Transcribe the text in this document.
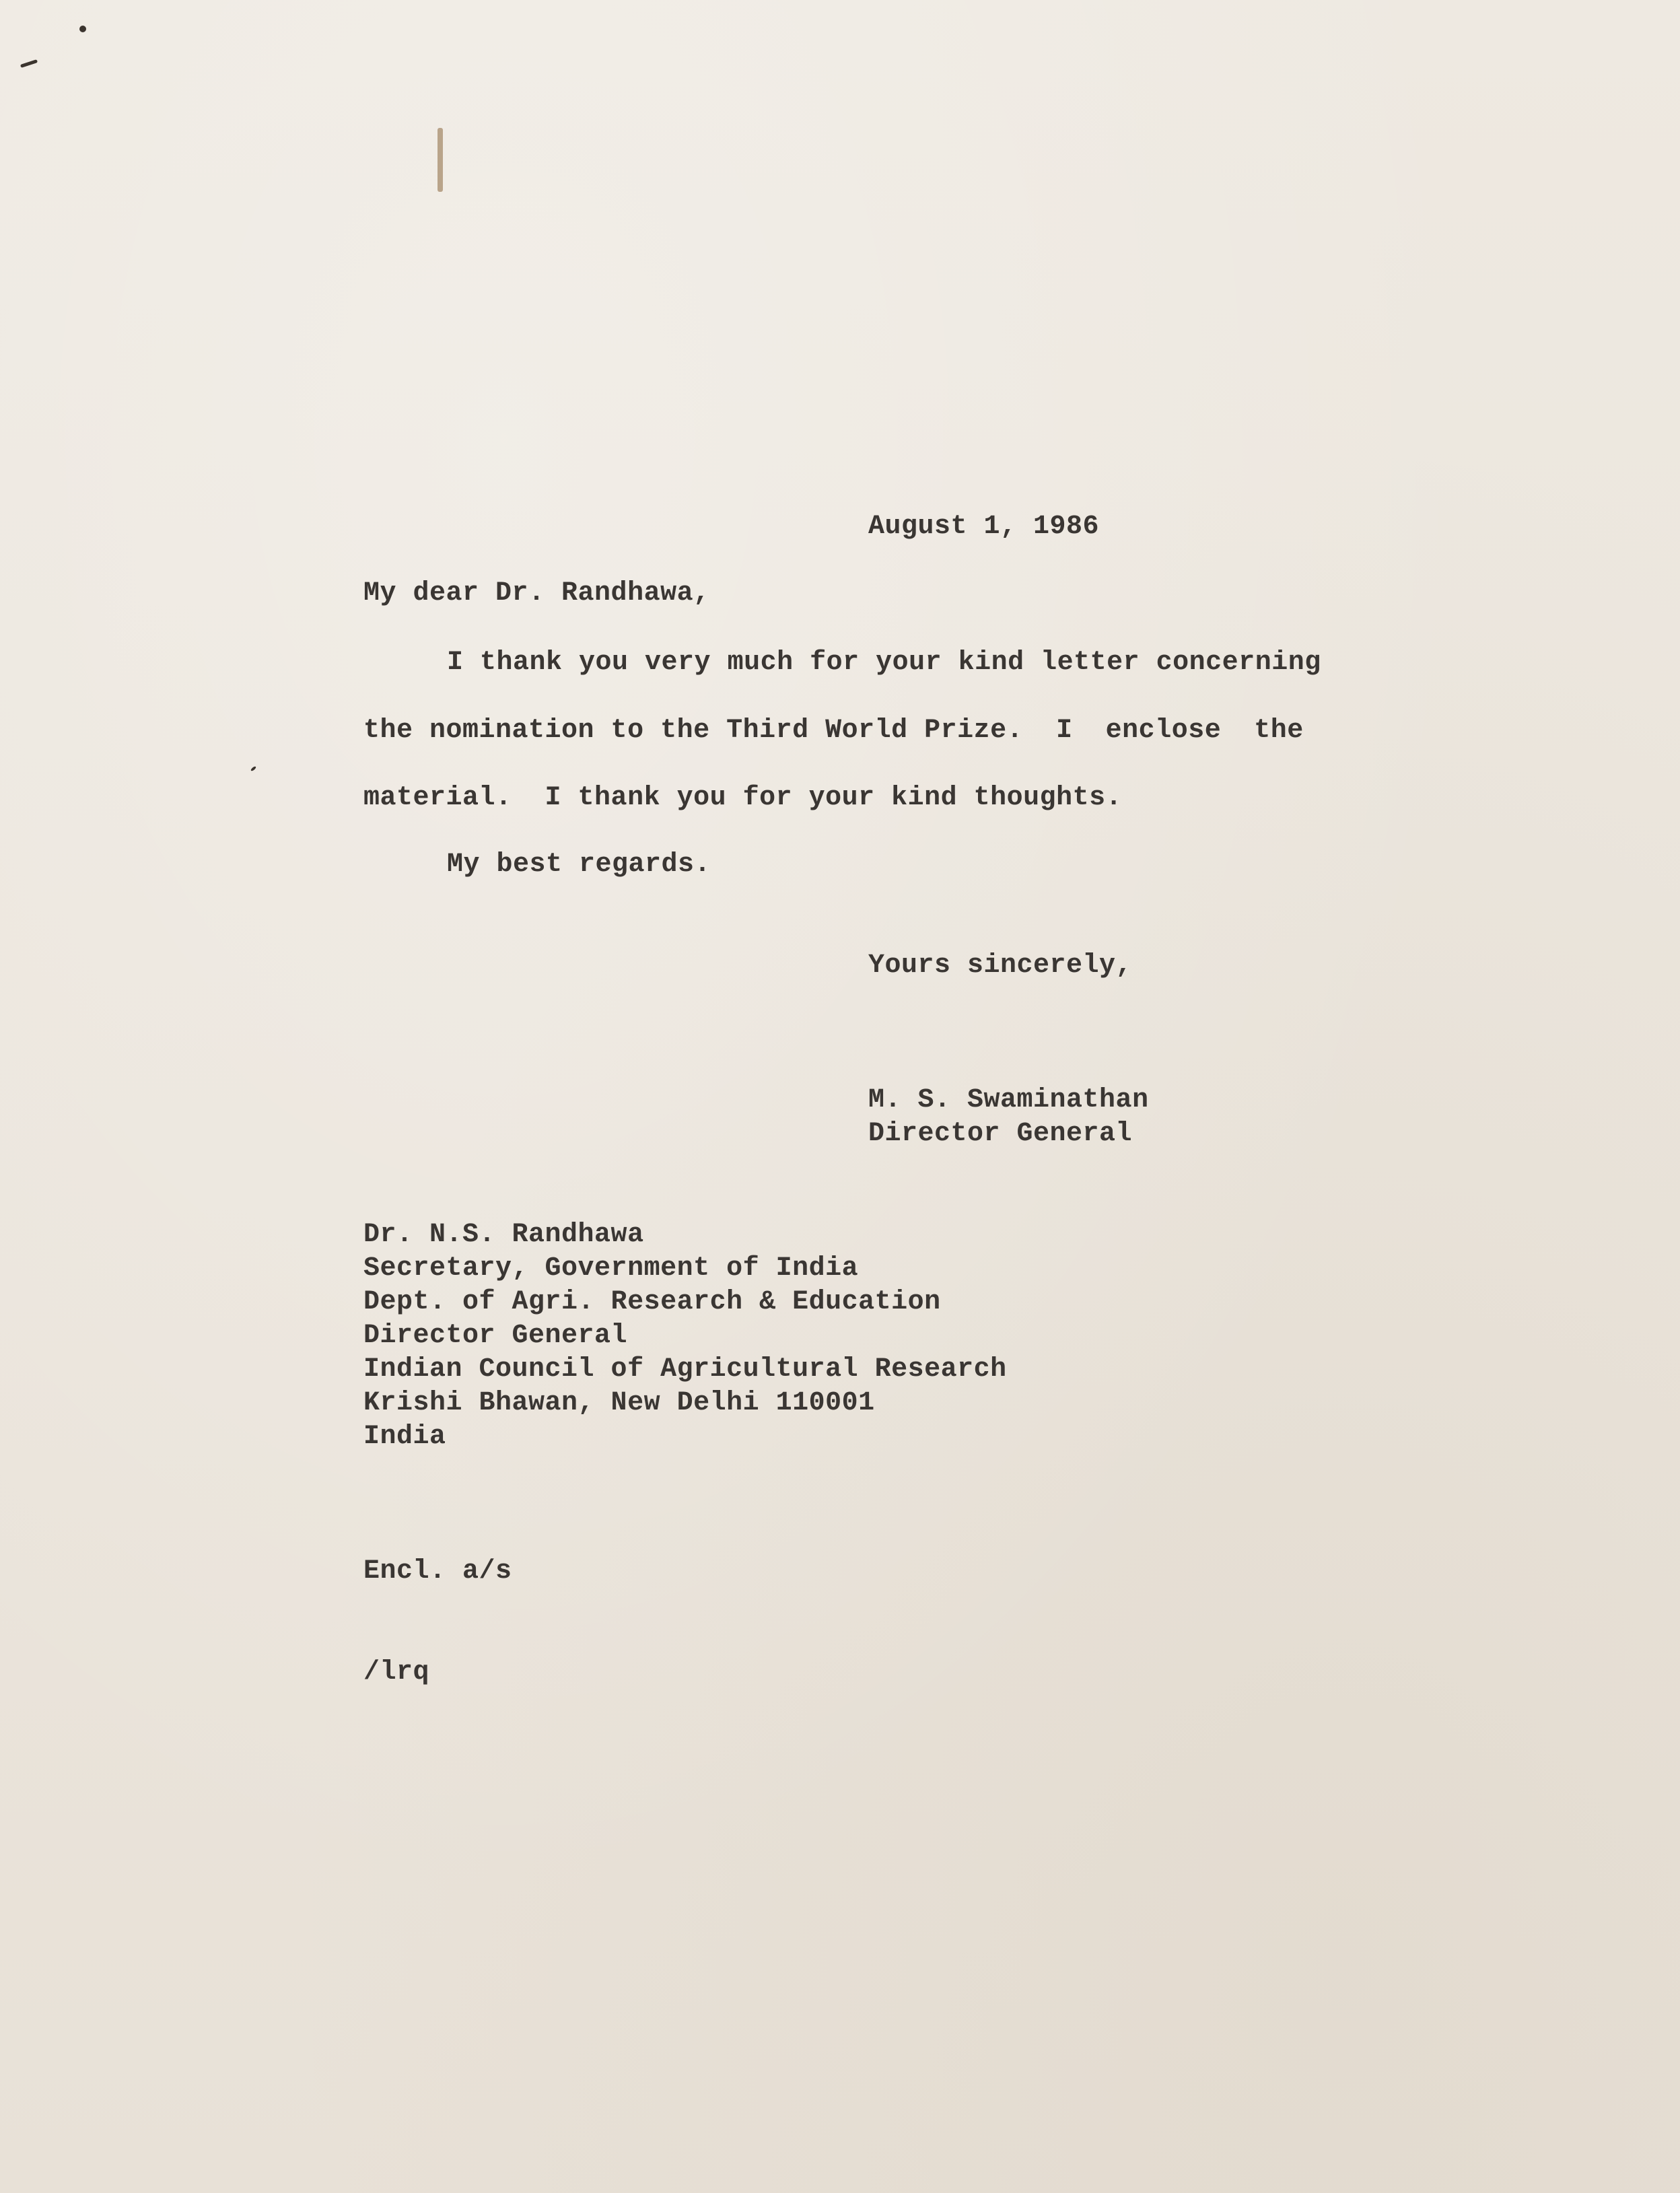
August 1, 1986
My dear Dr. Randhawa,
I thank you very much for your kind letter concerning
the nomination to the Third World Prize.  I  enclose  the
material.  I thank you for your kind thoughts.
My best regards.
Yours sincerely,
M. S. Swaminathan
Director General
Dr. N.S. Randhawa
Secretary, Government of India
Dept. of Agri. Research & Education
Director General
Indian Council of Agricultural Research
Krishi Bhawan, New Delhi 110001
India
Encl. a/s
/lrq
